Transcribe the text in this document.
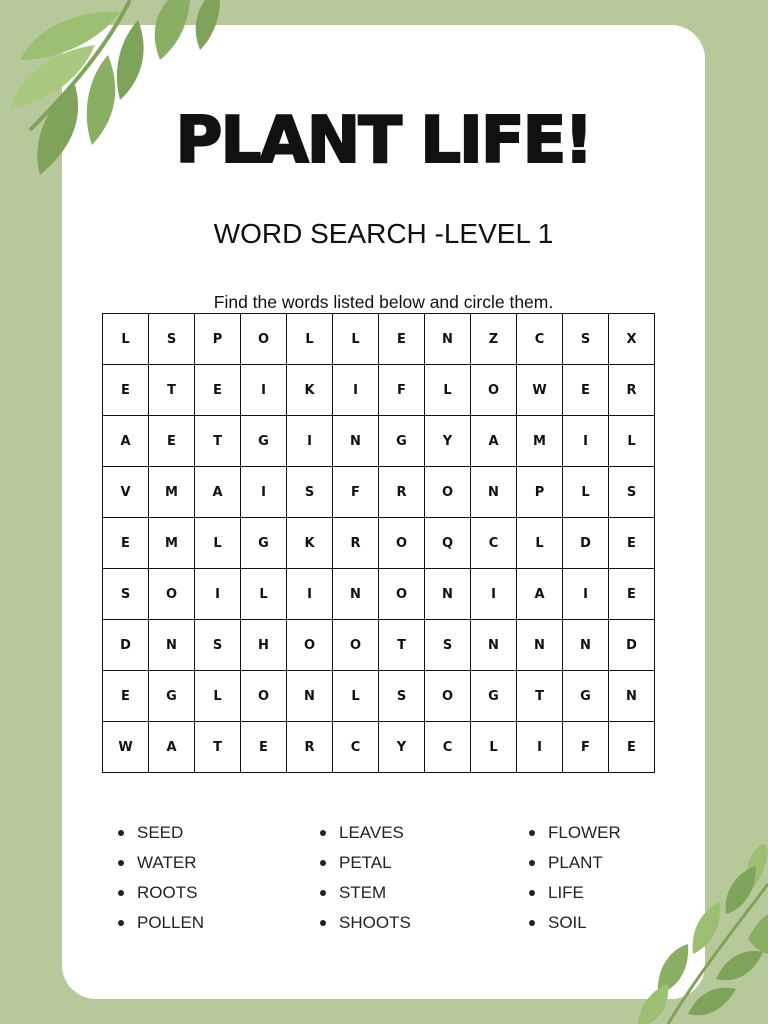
PLANT LIFE!
WORD SEARCH -LEVEL 1
Find the words listed below and circle them.
L	S	P	O	L	L	E	N	Z	C	S	X
E	T	E	I	K	I	F	L	O	W	E	R
A	E	T	G	I	N	G	Y	A	M	I	L
V	M	A	I	S	F	R	O	N	P	L	S
E	M	L	G	K	R	O	Q	C	L	D	E
S	O	I	L	I	N	O	N	I	A	I	E
D	N	S	H	O	O	T	S	N	N	N	D
E	G	L	O	N	L	S	O	G	T	G	N
W	A	T	E	R	C	Y	C	L	I	F	E
SEED
WATER
ROOTS
POLLEN
LEAVES
PETAL
STEM
SHOOTS
FLOWER
PLANT
LIFE
SOIL
